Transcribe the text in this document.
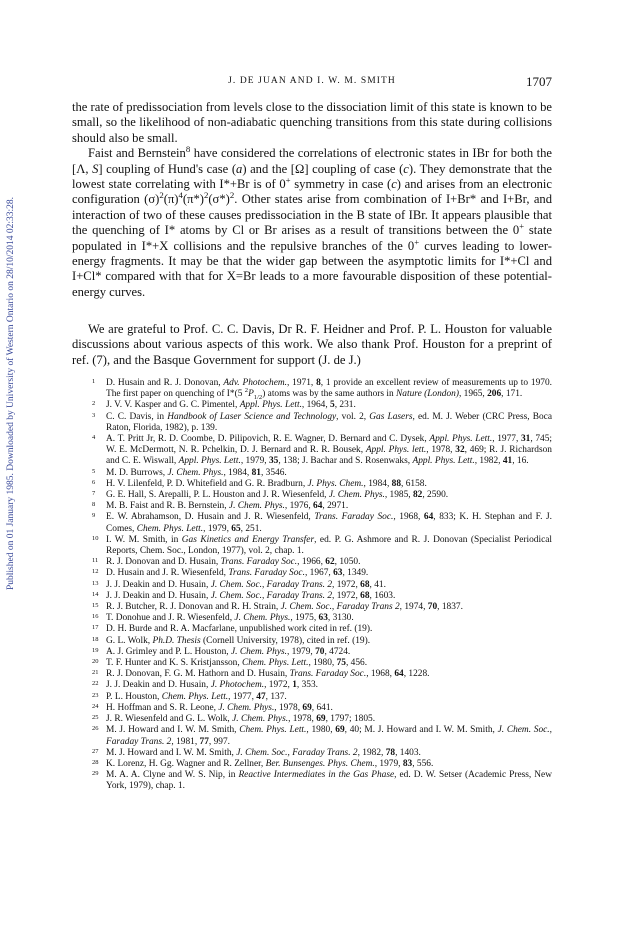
Published on 01 January 1985. Downloaded by University of Western Ontario on 28/10/2014 02:33:28.
J. DE JUAN AND I. W. M. SMITH	1707

the rate of predissociation from levels close to the dissociation limit of this state is known to be small, so the likelihood of non-adiabatic quenching transitions from this state during collisions should also be small.

Faist and Bernstein$^8$ have considered the correlations of electronic states in IBr for both the [Λ, S] coupling of Hund's case (a) and the [Ω] coupling of case (c). They demonstrate that the lowest state correlating with I*+Br is of 0+ symmetry in case (c) and arises from an electronic configuration $(\sigma)^2(\pi)^4(\pi*)^2(\sigma*)^2$. Other states arise from combination of I+Br* and I+Br, and interaction of two of these causes predissociation in the B state of IBr. It appears plausible that the quenching of I* atoms by Cl or Br arises as a result of transitions between the 0+ state populated in I*+X collisions and the repulsive branches of the 0+ curves leading to lower-energy fragments. It may be that the wider gap between the asymptotic limits for I*+Cl and I+Cl* compared with that for X=Br leads to a more favourable disposition of these potential-energy curves.

We are grateful to Prof. C. C. Davis, Dr R. F. Heidner and Prof. P. L. Houston for valuable discussions about various aspects of this work. We also thank Prof. Houston for a preprint of ref. (7), and the Basque Government for support (J. de J.)

1	D. Husain and R. J. Donovan, Adv. Photochem., 1971, 8, 1 provide an excellent review of measurements up to 1970. The first paper on quenching of I*(5 $^2P_{1/2}$) atoms was by the same authors in Nature (London), 1965, 206, 171.
2	J. V. V. Kasper and G. C. Pimentel, Appl. Phys. Lett., 1964, 5, 231.
3	C. C. Davis, in Handbook of Laser Science and Technology, vol. 2, Gas Lasers, ed. M. J. Weber (CRC Press, Boca Raton, Florida, 1982), p. 139.
4	A. T. Pritt Jr, R. D. Coombe, D. Pilipovich, R. E. Wagner, D. Bernard and C. Dysek, Appl. Phys. Lett., 1977, 31, 745; W. E. McDermott, N. R. Pchelkin, D. J. Bernard and R. R. Bousek, Appl. Phys. lett., 1978, 32, 469; R. J. Richardson and C. E. Wiswall, Appl. Phys. Lett., 1979, 35, 138; J. Bachar and S. Rosenwaks, Appl. Phys. Lett., 1982, 41, 16.
5	M. D. Burrows, J. Chem. Phys., 1984, 81, 3546.
6	H. V. Lilenfeld, P. D. Whitefield and G. R. Bradburn, J. Phys. Chem., 1984, 88, 6158.
7	G. E. Hall, S. Arepalli, P. L. Houston and J. R. Wiesenfeld, J. Chem. Phys., 1985, 82, 2590.
8	M. B. Faist and R. B. Bernstein, J. Chem. Phys., 1976, 64, 2971.
9	E. W. Abrahamson, D. Husain and J. R. Wiesenfeld, Trans. Faraday Soc., 1968, 64, 833; K. H. Stephan and F. J. Comes, Chem. Phys. Lett., 1979, 65, 251.
10 I. W. M. Smith, in Gas Kinetics and Energy Transfer, ed. P. G. Ashmore and R. J. Donovan (Specialist Periodical Reports, Chem. Soc., London, 1977), vol. 2, chap. 1.
11 R. J. Donovan and D. Husain, Trans. Faraday Soc., 1966, 62, 1050.
12 D. Husain and J. R. Wiesenfeld, Trans. Faraday Soc., 1967, 63, 1349.
13 J. J. Deakin and D. Husain, J. Chem. Soc., Faraday Trans. 2, 1972, 68, 41.
14 J. J. Deakin and D. Husain, J. Chem. Soc., Faraday Trans. 2, 1972, 68, 1603.
15 R. J. Butcher, R. J. Donovan and R. H. Strain, J. Chem. Soc., Faraday Trans 2, 1974, 70, 1837.
16 T. Donohue and J. R. Wiesenfeld, J. Chem. Phys., 1975, 63, 3130.
17 D. H. Burde and R. A. Macfarlane, unpublished work cited in ref. (19).
18 G. L. Wolk, Ph.D. Thesis (Cornell University, 1978), cited in ref. (19).
19 A. J. Grimley and P. L. Houston, J. Chem. Phys., 1979, 70, 4724.
20 T. F. Hunter and K. S. Kristjansson, Chem. Phys. Lett., 1980, 75, 456.
21 R. J. Donovan, F. G. M. Hathorn and D. Husain, Trans. Faraday Soc., 1968, 64, 1228.
22 J. J. Deakin and D. Husain, J. Photochem., 1972, 1, 353.
23 P. L. Houston, Chem. Phys. Lett., 1977, 47, 137.
24 H. Hoffman and S. R. Leone, J. Chem. Phys., 1978, 69, 641.
25 J. R. Wiesenfeld and G. L. Wolk, J. Chem. Phys., 1978, 69, 1797; 1805.
26 M. J. Howard and I. W. M. Smith, Chem. Phys. Lett., 1980, 69, 40; M. J. Howard and I. W. M. Smith, J. Chem. Soc., Faraday Trans. 2, 1981, 77, 997.
27 M. J. Howard and I. W. M. Smith, J. Chem. Soc., Faraday Trans. 2, 1982, 78, 1403.
28 K. Lorenz, H. Gg. Wagner and R. Zellner, Ber. Bunsenges. Phys. Chem., 1979, 83, 556.
29 M. A. A. Clyne and W. S. Nip, in Reactive Intermediates in the Gas Phase, ed. D. W. Setser (Academic Press, New York, 1979), chap. 1.
